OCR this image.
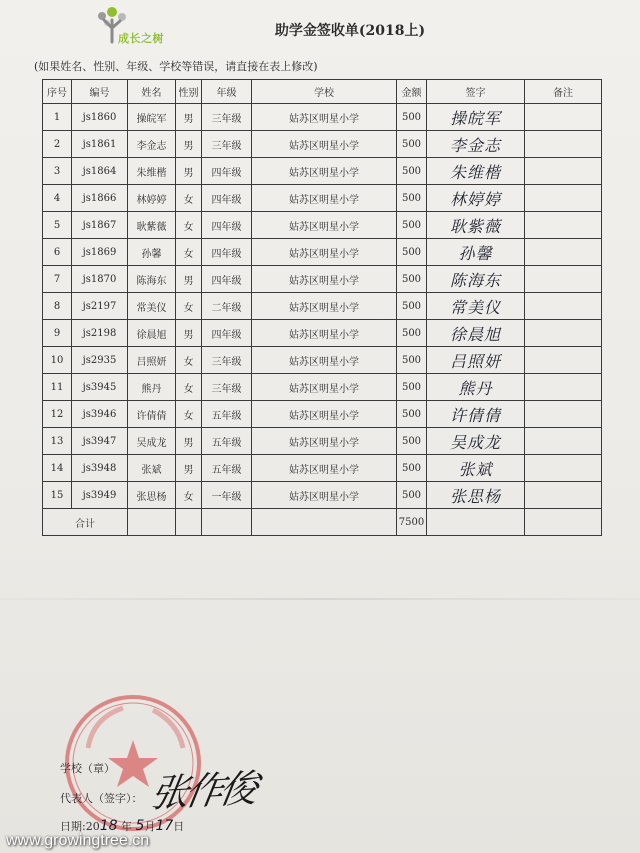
成长之树	助学金签收单(2018上)
(如果姓名、性别、年级、学校等错误，请直接在表上修改)
序号	编号	姓名	性别	年级	学校	金额	签字	备注
1	js1860	操皖军	男	三年级	姑苏区明星小学	500	操皖军	
2	js1861	李金志	男	三年级	姑苏区明星小学	500	李金志	
3	js1864	朱维楷	男	四年级	姑苏区明星小学	500	朱维楷	
4	js1866	林婷婷	女	四年级	姑苏区明星小学	500	林婷婷	
5	js1867	耿紫薇	女	四年级	姑苏区明星小学	500	耿紫薇	
6	js1869	孙馨	女	四年级	姑苏区明星小学	500	孙馨	
7	js1870	陈海东	男	四年级	姑苏区明星小学	500	陈海东	
8	js2197	常美仪	女	二年级	姑苏区明星小学	500	常美仪	
9	js2198	徐晨旭	男	四年级	姑苏区明星小学	500	徐晨旭	
10	js2935	吕照妍	女	三年级	姑苏区明星小学	500	吕照妍	
11	js3945	熊丹	女	三年级	姑苏区明星小学	500	熊丹	
12	js3946	许倩倩	女	五年级	姑苏区明星小学	500	许倩倩	
13	js3947	吴成龙	男	五年级	姑苏区明星小学	500	吴成龙	
14	js3948	张斌	男	五年级	姑苏区明星小学	500	张斌	
15	js3949	张思杨	女	一年级	姑苏区明星小学	500	张思杨	
合计						7500		
学校（章）
代表人（签字）： 张作俊
日期:2018 年 5月17日
www.growingtree.cn
